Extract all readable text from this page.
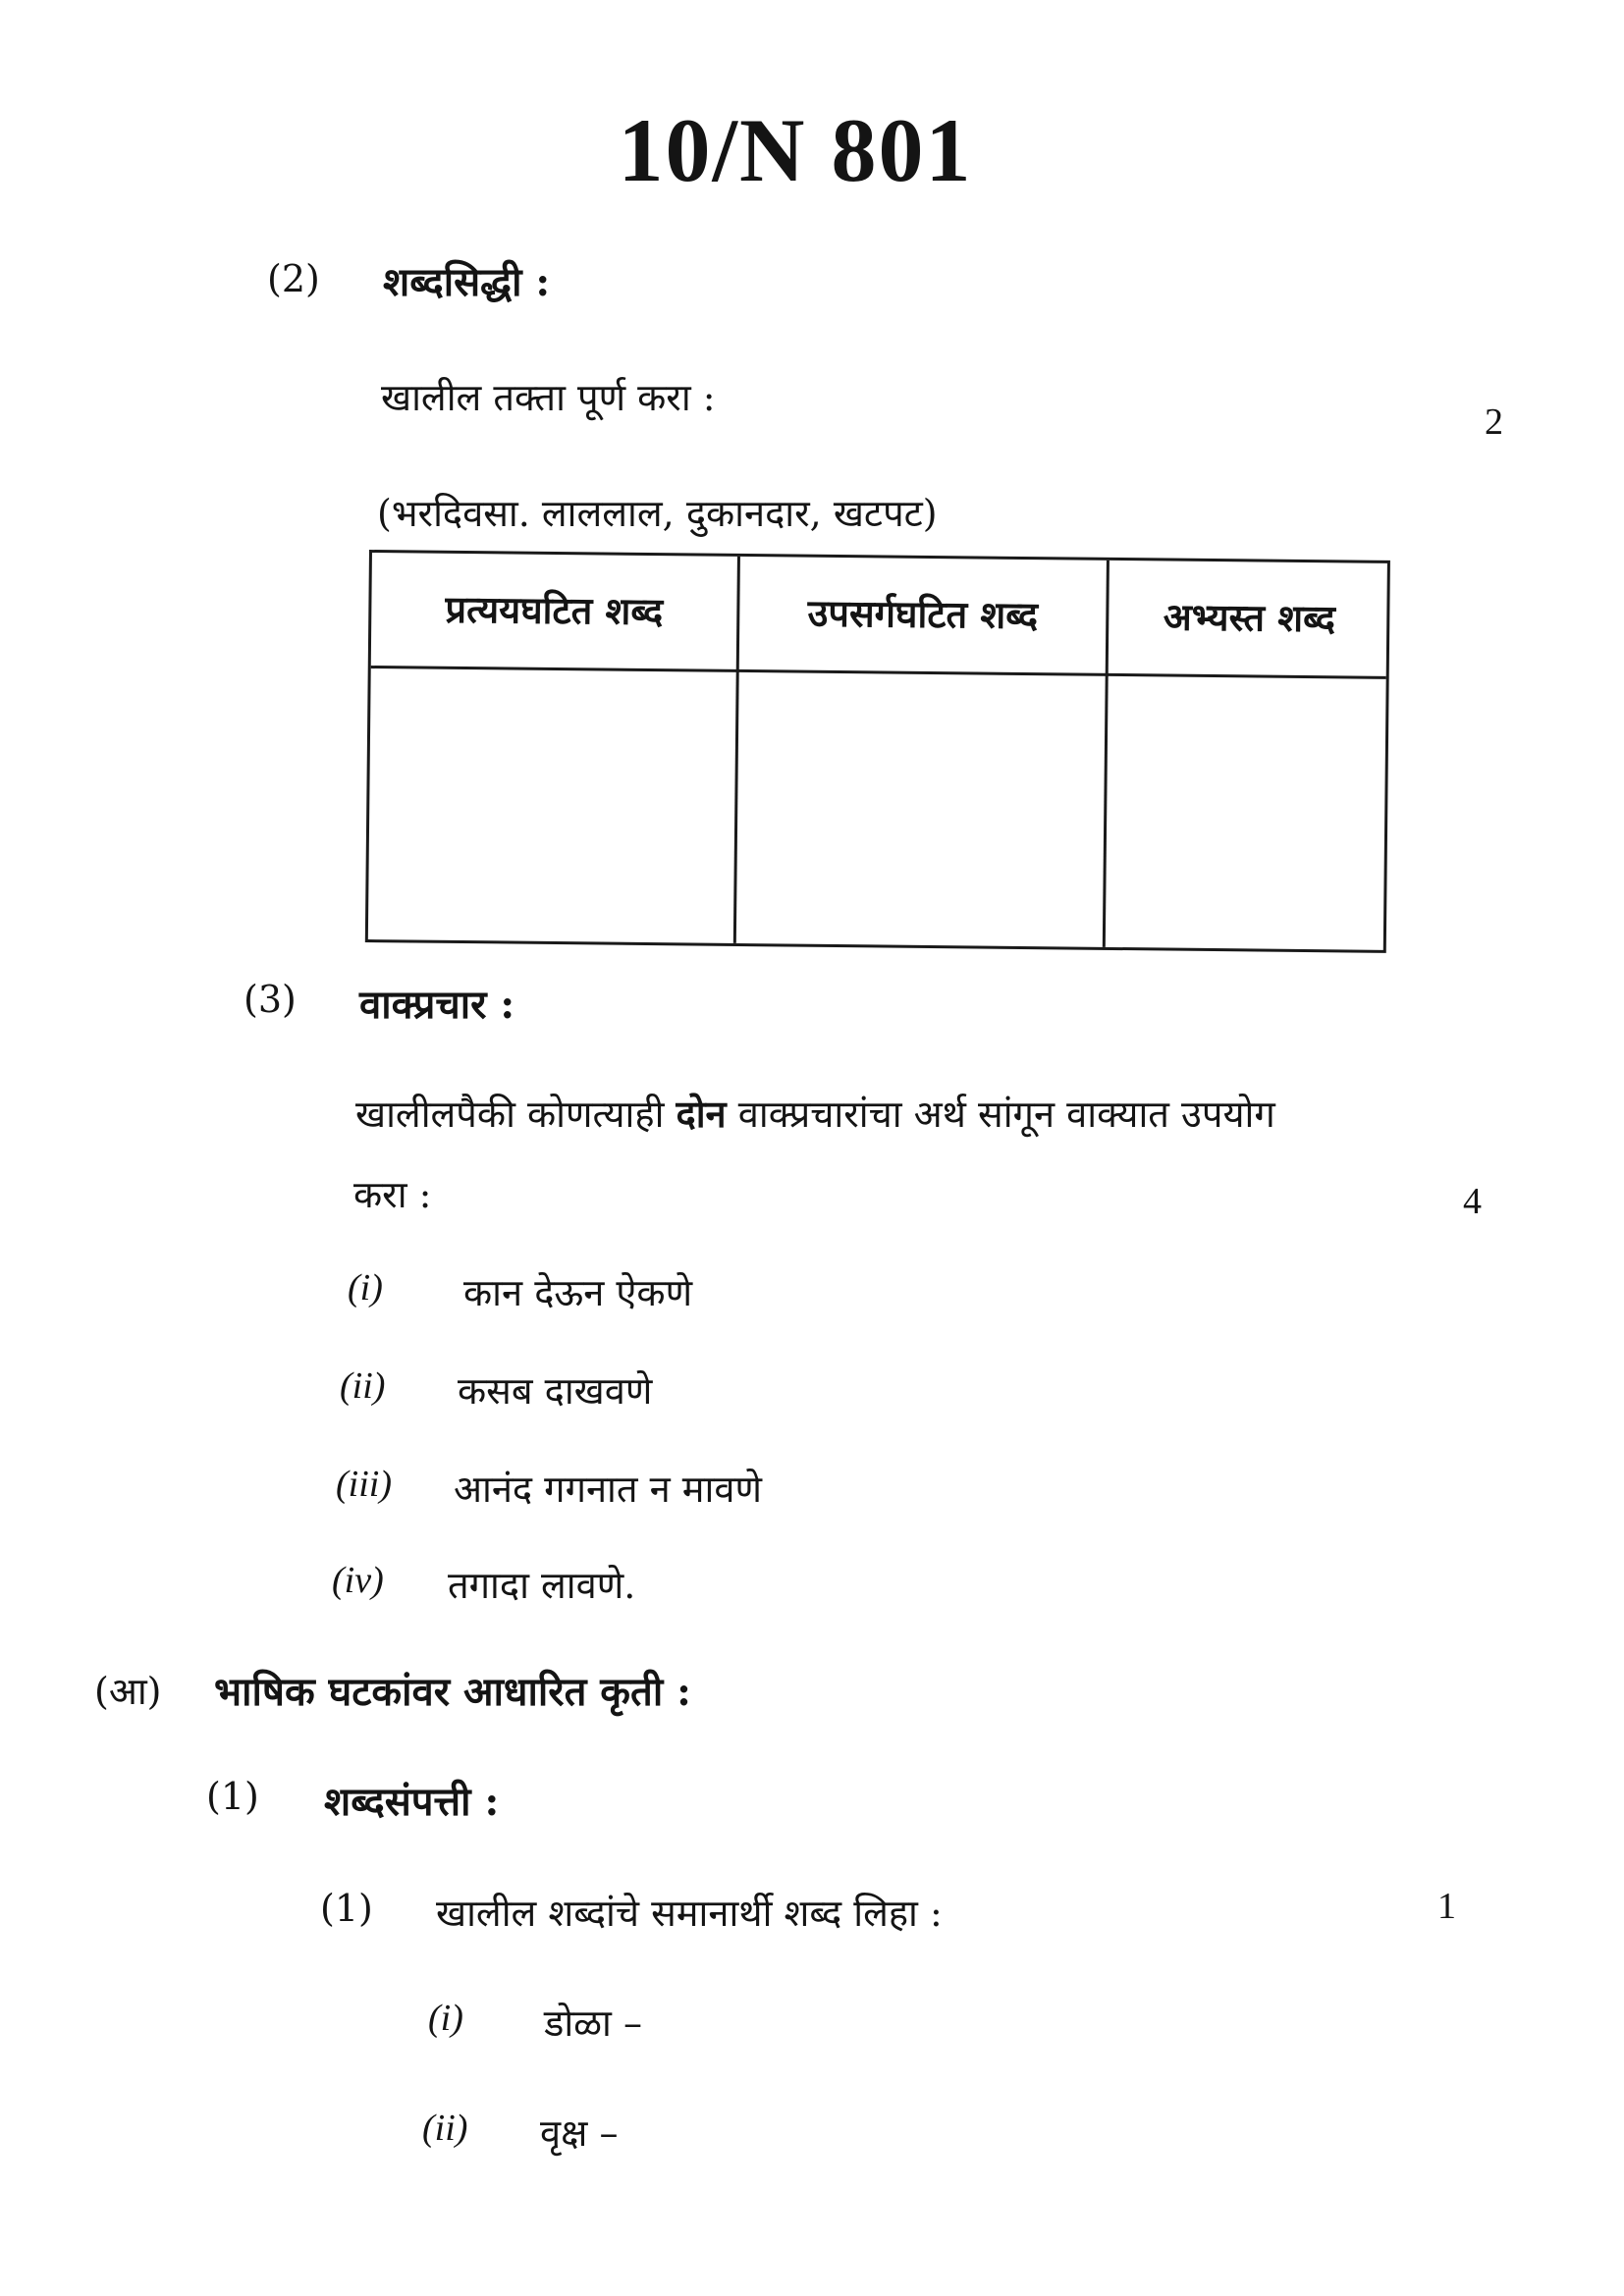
10/N 801
(2) शब्दसिद्धी :
खालील तक्ता पूर्ण करा :
2
(भरदिवसा. लाललाल, दुकानदार, खटपट)
प्रत्ययघटित शब्द	उपसर्गघटित शब्द	अभ्यस्त शब्द
(3) वाक्प्रचार :
खालीलपैकी कोणत्याही दोन वाक्प्रचारांचा अर्थ सांगून वाक्यात उपयोग
करा :	4
(i) कान देऊन ऐकणे
(ii) कसब दाखवणे
(iii) आनंद गगनात न मावणे
(iv) तगादा लावणे.
(आ) भाषिक घटकांवर आधारित कृती :
(1) शब्दसंपत्ती :
(1) खालील शब्दांचे समानार्थी शब्द लिहा :	1
(i) डोळा –
(ii) वृक्ष –
